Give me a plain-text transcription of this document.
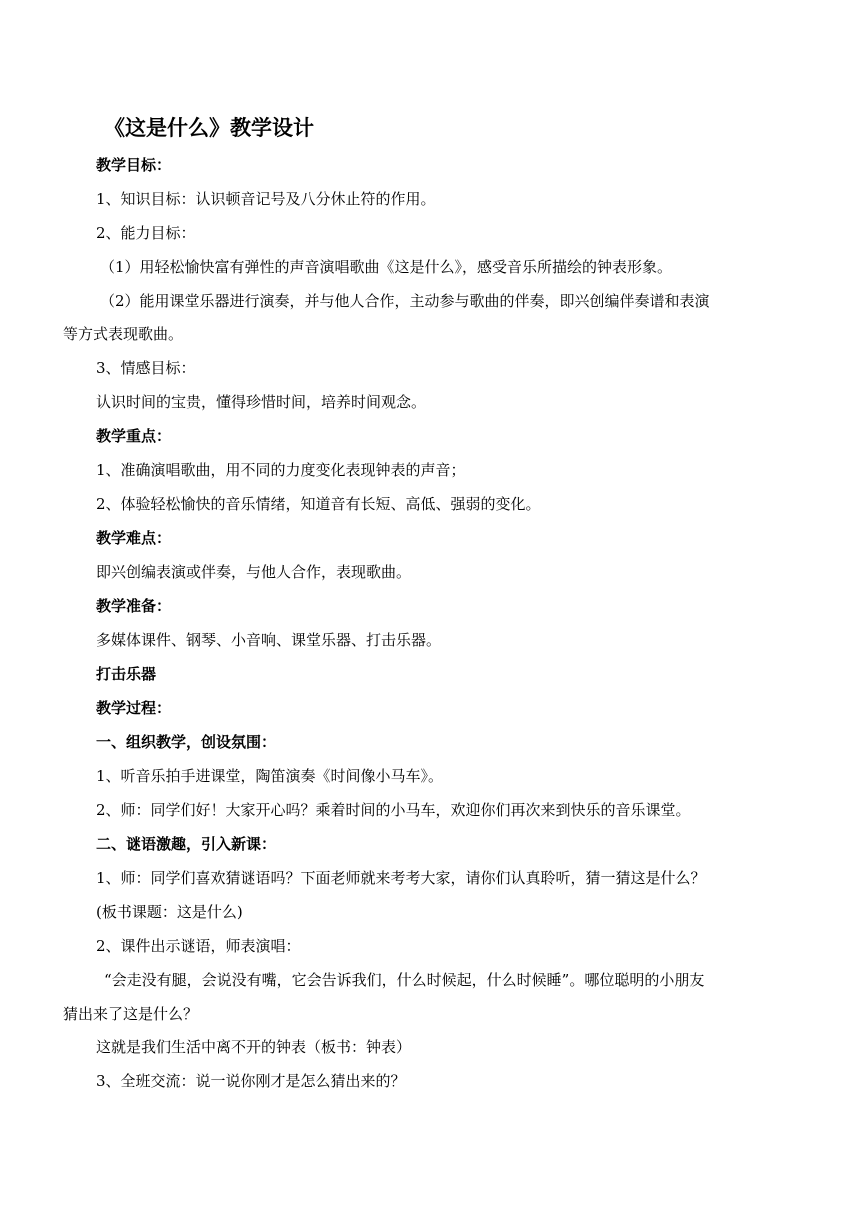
《这是什么》教学设计
教学目标：
1、知识目标：认识顿音记号及八分休止符的作用。
2、能力目标：
（1）用轻松愉快富有弹性的声音演唱歌曲《这是什么》，感受音乐所描绘的钟表形象。
（2）能用课堂乐器进行演奏，并与他人合作，主动参与歌曲的伴奏，即兴创编伴奏谱和表演
等方式表现歌曲。
3、情感目标：
认识时间的宝贵，懂得珍惜时间，培养时间观念。
教学重点：
1、准确演唱歌曲，用不同的力度变化表现钟表的声音；
2、体验轻松愉快的音乐情绪，知道音有长短、高低、强弱的变化。
教学难点：
即兴创编表演或伴奏，与他人合作，表现歌曲。
教学准备：
多媒体课件、钢琴、小音响、课堂乐器、打击乐器。
打击乐器
教学过程：
一、组织教学，创设氛围：
1、听音乐拍手进课堂，陶笛演奏《时间像小马车》。
2、师：同学们好！大家开心吗？乘着时间的小马车，欢迎你们再次来到快乐的音乐课堂。
二、谜语激趣，引入新课：
1、师：同学们喜欢猜谜语吗？下面老师就来考考大家，请你们认真聆听，猜一猜这是什么？
(板书课题：这是什么)
2、课件出示谜语，师表演唱：
“会走没有腿，会说没有嘴，它会告诉我们，什么时候起，什么时候睡”。哪位聪明的小朋友
猜出来了这是什么？
这就是我们生活中离不开的钟表（板书：钟表）
3、全班交流：说一说你刚才是怎么猜出来的？
